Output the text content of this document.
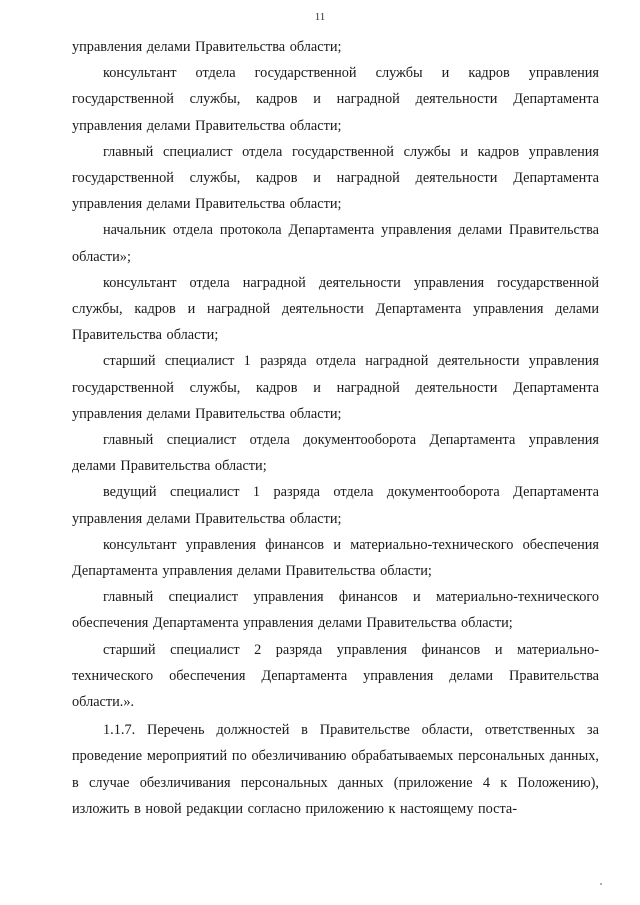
11

управления делами Правительства области;

консультант отдела государственной службы и кадров управления государственной службы, кадров и наградной деятельности Департамента управления делами Правительства области;

главный специалист отдела государственной службы и кадров управления государственной службы, кадров и наградной деятельности Департамента управления делами Правительства области;

начальник отдела протокола Департамента управления делами Правительства области»;

консультант отдела наградной деятельности управления государственной службы, кадров и наградной деятельности Департамента управления делами Правительства области;

старший специалист 1 разряда отдела наградной деятельности управления государственной службы, кадров и наградной деятельности Департамента управления делами Правительства области;

главный специалист отдела документооборота Департамента управления делами Правительства области;

ведущий специалист 1 разряда отдела документооборота Департамента управления делами Правительства области;

консультант управления финансов и материально-технического обеспечения Департамента управления делами Правительства области;

главный специалист управления финансов и материально-технического обеспечения Департамента управления делами Правительства области;

старший специалист 2 разряда управления финансов и материально-технического обеспечения Департамента управления делами Правительства области.».

1.1.7. Перечень должностей в Правительстве области, ответственных за проведение мероприятий по обезличиванию обрабатываемых персональных данных, в случае обезличивания персональных данных (приложение 4 к Положению), изложить в новой редакции согласно приложению к настоящему поста-
